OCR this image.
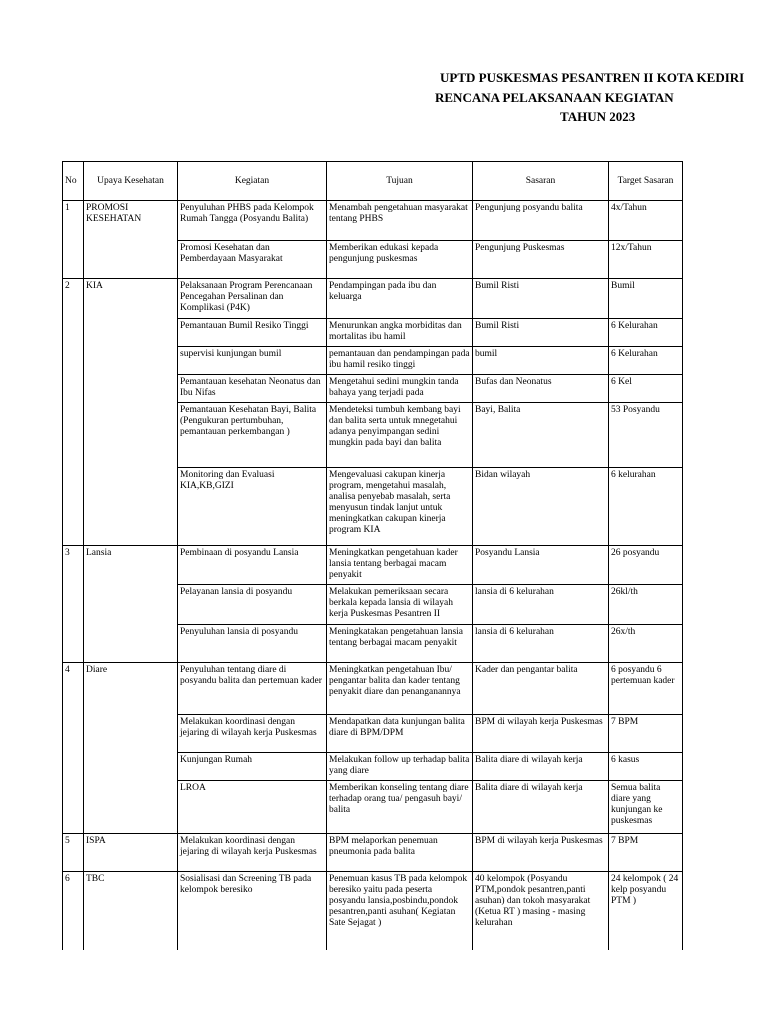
UPTD PUSKESMAS PESANTREN II KOTA KEDIRI
RENCANA PELAKSANAAN KEGIATAN
TAHUN 2023
No	Upaya Kesehatan	Kegiatan	Tujuan	Sasaran	Target Sasaran
1	PROMOSI KESEHATAN	Penyuluhan PHBS pada Kelompok Rumah Tangga (Posyandu Balita)	Menambah pengetahuan masyarakat tentang PHBS	Pengunjung posyandu balita	4x/Tahun
		Promosi Kesehatan dan Pemberdayaan Masyarakat	Memberikan edukasi kepada pengunjung puskesmas	Pengunjung Puskesmas	12x/Tahun
2	KIA	Pelaksanaan Program Perencanaan Pencegahan Persalinan dan Komplikasi (P4K)	Pendampingan pada ibu dan keluarga	Bumil Risti	Bumil
		Pemantauan Bumil Resiko Tinggi	Menurunkan angka morbiditas dan mortalitas ibu hamil	Bumil Risti	6 Kelurahan
		supervisi kunjungan bumil	pemantauan dan pendampingan pada ibu hamil resiko tinggi	bumil	6 Kelurahan
		Pemantauan kesehatan Neonatus dan Ibu Nifas	Mengetahui sedini mungkin tanda bahaya yang terjadi pada	Bufas dan Neonatus	6 Kel
		Pemantauan Kesehatan Bayi, Balita (Pengukuran pertumbuhan, pemantauan perkembangan )	Mendeteksi tumbuh kembang bayi dan balita serta untuk mnegetahui adanya penyimpangan sedini mungkin pada bayi dan balita	Bayi, Balita	53 Posyandu
		Monitoring dan Evaluasi KIA,KB,GIZI	Mengevaluasi cakupan kinerja program, mengetahui masalah, analisa penyebab masalah, serta menyusun tindak lanjut untuk meningkatkan cakupan kinerja program KIA	Bidan wilayah	6 kelurahan
3	Lansia	Pembinaan di posyandu Lansia	Meningkatkan pengetahuan kader lansia tentang berbagai macam penyakit	Posyandu Lansia	26 posyandu
		Pelayanan lansia di posyandu	Melakukan pemeriksaan secara berkala kepada lansia di wilayah kerja Puskesmas Pesantren II	lansia di 6 kelurahan	26kl/th
		Penyuluhan lansia di posyandu	Meningkatakan pengetahuan lansia tentang berbagai macam penyakit	lansia di 6 kelurahan	26x/th
4	Diare	Penyuluhan tentang diare di posyandu balita dan pertemuan kader	Meningkatkan pengetahuan Ibu/ pengantar balita dan kader tentang penyakit diare dan penanganannya	Kader dan pengantar balita	6 posyandu 6 pertemuan kader
		Melakukan koordinasi dengan jejaring di wilayah kerja Puskesmas	Mendapatkan data kunjungan balita diare di BPM/DPM	BPM di wilayah kerja Puskesmas	7 BPM
		Kunjungan Rumah	Melakukan follow up terhadap balita yang diare	Balita diare di wilayah kerja	6 kasus
		LROA	Memberikan konseling tentang diare terhadap orang tua/ pengasuh bayi/ balita	Balita diare di wilayah kerja	Semua balita diare yang kunjungan ke puskesmas
5	ISPA	Melakukan koordinasi dengan jejaring di wilayah kerja Puskesmas	BPM melaporkan penemuan pneumonia pada balita	BPM di wilayah kerja Puskesmas	7 BPM
6	TBC	Sosialisasi dan Screening TB pada kelompok beresiko	Penemuan kasus TB pada kelompok beresiko yaitu pada peserta posyandu lansia,posbindu,pondok pesantren,panti asuhan( Kegiatan Sate Sejagat )	40 kelompok (Posyandu PTM,pondok pesantren,panti asuhan) dan tokoh masyarakat (Ketua RT ) masing - masing kelurahan	24 kelompok ( 24 kelp posyandu PTM )
